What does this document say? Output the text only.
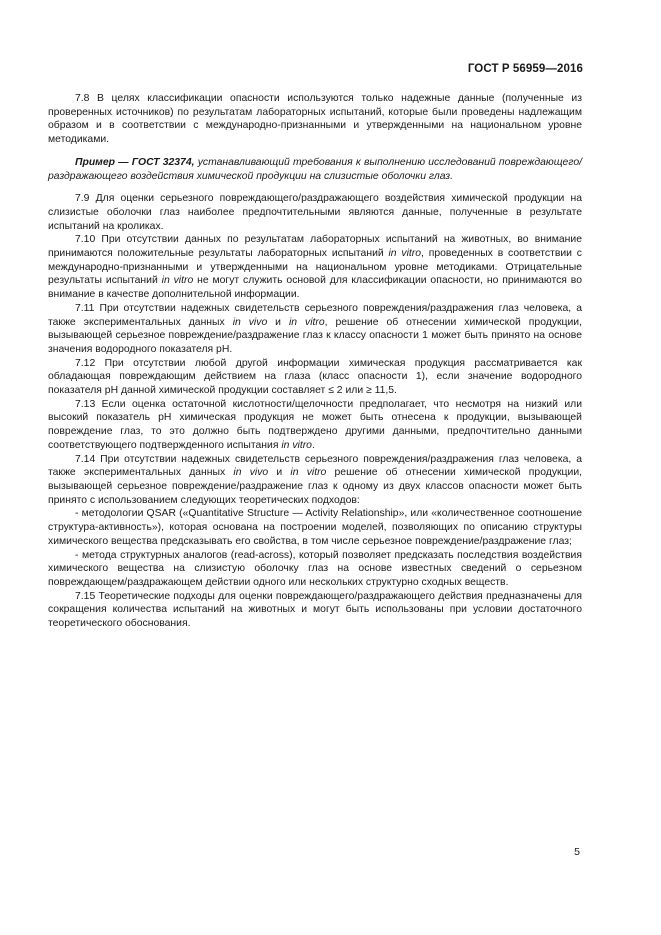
ГОСТ Р 56959—2016

7.8 В целях классификации опасности используются только надежные данные (полученные из проверенных источников) по результатам лабораторных испытаний, которые были проведены надлежащим образом и в соответствии с международно-признанными и утвержденными на национальном уровне методиками.

Пример — ГОСТ 32374, устанавливающий требования к выполнению исследований повреждающего/раздражающего воздействия химической продукции на слизистые оболочки глаз.

7.9 Для оценки серьезного повреждающего/раздражающего воздействия химической продукции на слизистые оболочки глаз наиболее предпочтительными являются данные, полученные в результате испытаний на кроликах.

7.10 При отсутствии данных по результатам лабораторных испытаний на животных, во внимание принимаются положительные результаты лабораторных испытаний in vitro, проведенных в соответствии с международно-признанными и утвержденными на национальном уровне методиками. Отрицательные результаты испытаний in vitro не могут служить основой для классификации опасности, но принимаются во внимание в качестве дополнительной информации.

7.11 При отсутствии надежных свидетельств серьезного повреждения/раздражения глаз человека, а также экспериментальных данных in vivo и in vitro, решение об отнесении химической продукции, вызывающей серьезное повреждение/раздражение глаз к классу опасности 1 может быть принято на основе значения водородного показателя pH.

7.12 При отсутствии любой другой информации химическая продукция рассматривается как обладающая повреждающим действием на глаза (класс опасности 1), если значение водородного показателя pH данной химической продукции составляет ≤ 2 или ≥ 11,5.

7.13 Если оценка остаточной кислотности/щелочности предполагает, что несмотря на низкий или высокий показатель pH химическая продукция не может быть отнесена к продукции, вызывающей повреждение глаз, то это должно быть подтверждено другими данными, предпочтительно данными соответствующего подтвержденного испытания in vitro.

7.14 При отсутствии надежных свидетельств серьезного повреждения/раздражения глаз человека, а также экспериментальных данных in vivo и in vitro решение об отнесении химической продукции, вызывающей серьезное повреждение/раздражение глаз к одному из двух классов опасности может быть принято с использованием следующих теоретических подходов:

- методологии QSAR («Quantitative Structure — Activity Relationship», или «количественное соотношение структура-активность»), которая основана на построении моделей, позволяющих по описанию структуры химического вещества предсказывать его свойства, в том числе серьезное повреждение/раздражение глаз;

- метода структурных аналогов (read-across), который позволяет предсказать последствия воздействия химического вещества на слизистую оболочку глаз на основе известных сведений о серьезном повреждающем/раздражающем действии одного или нескольких структурно сходных веществ.

7.15 Теоретические подходы для оценки повреждающего/раздражающего действия предназначены для сокращения количества испытаний на животных и могут быть использованы при условии достаточного теоретического обоснования.

5
